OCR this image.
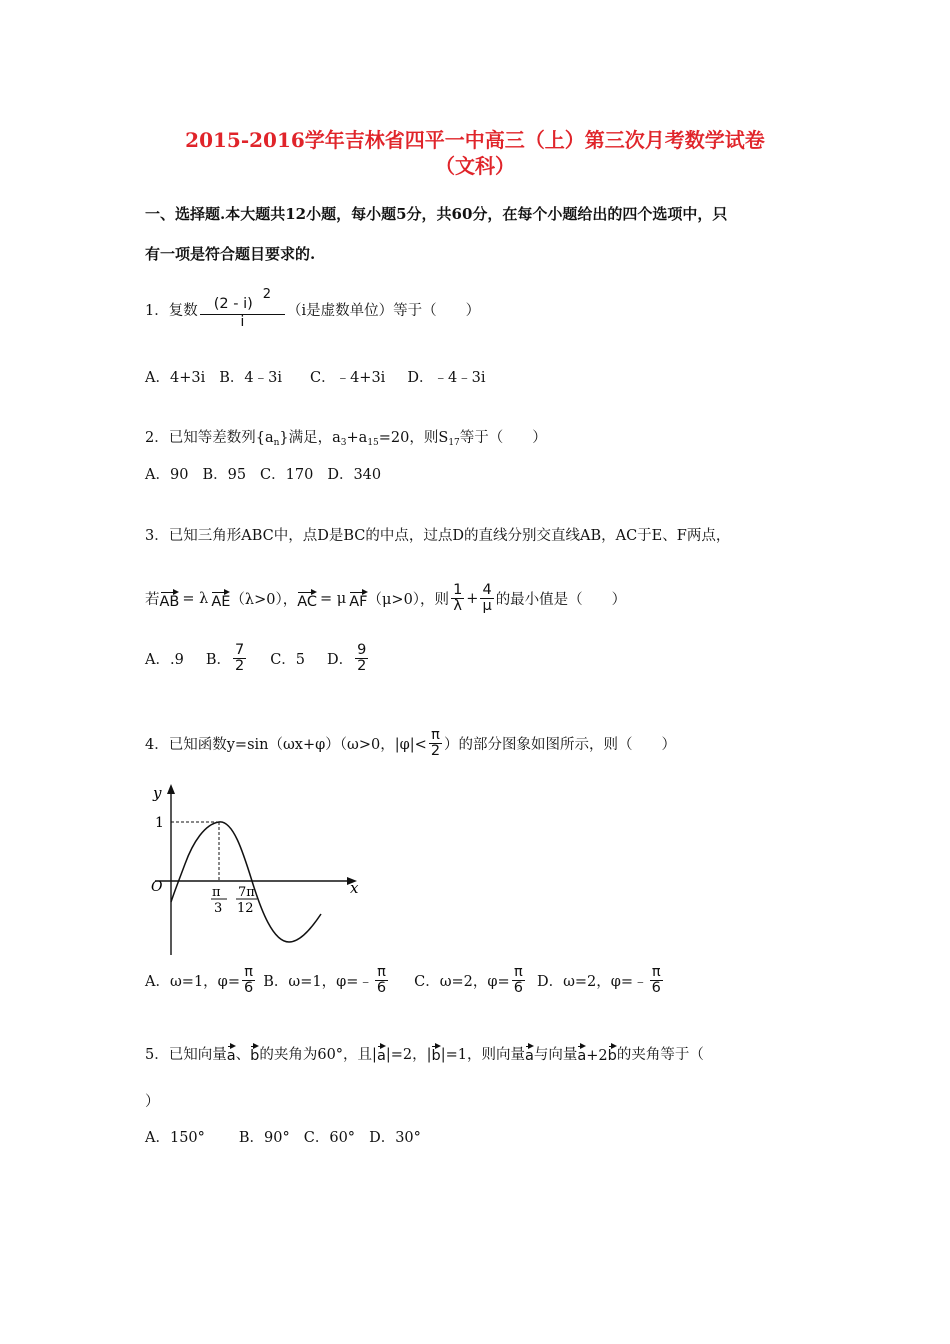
2015-2016学年吉林省四平一中高三（上）第三次月考数学试卷
（文科）
一、选择题.本大题共12小题，每小题5分，共60分，在每个小题给出的四个选项中，只
有一项是符合题目要求的.
1．复数 $\frac{(2 - i)^2}{i} (i$是虚数单位）等于（　　）
A．4+3i B．4﹣3i C．﹣4+3i D．﹣4﹣3i
2．已知等差数列$\{a_n\}$满足，$a_3+a_{15}=20$，则$S_{17}$等于（　　）
A．90 B．95 C．170 D．340
3．已知三角形ABC中，点D是BC的中点，过点D的直线分别交直线AB，AC于E、F两点，
若 AB = λ AE （λ>0）， AC = μ AF （μ>0），则 $\frac{1}{\lambda} + \frac{4}{\mu}$ 的最小值是（　　）
A．.9 B． $\frac{7}{2}$ C．5 D． $\frac{9}{2}$
4．已知函数y=sin（ωx+φ）（ω>0，$|\varphi|< \frac{\pi}{2}$ ）的部分图象如图所示，则（　　）
y
x
O
1
π
3
7π
12
A．ω=1，$\varphi= \frac{\pi}{6}$ B．ω=1，φ=﹣ $\frac{\pi}{6}$ C．ω=2，$\varphi= \frac{\pi}{6}$ D．ω=2，φ=﹣ $\frac{\pi}{6}$
5．已知向量 a 、 b 的夹角为60°，且| a |=2，| b |=1，则向量 a 与向量 a +2 b 的夹角等于（
）
A．150° B．90° C．60° D．30°
